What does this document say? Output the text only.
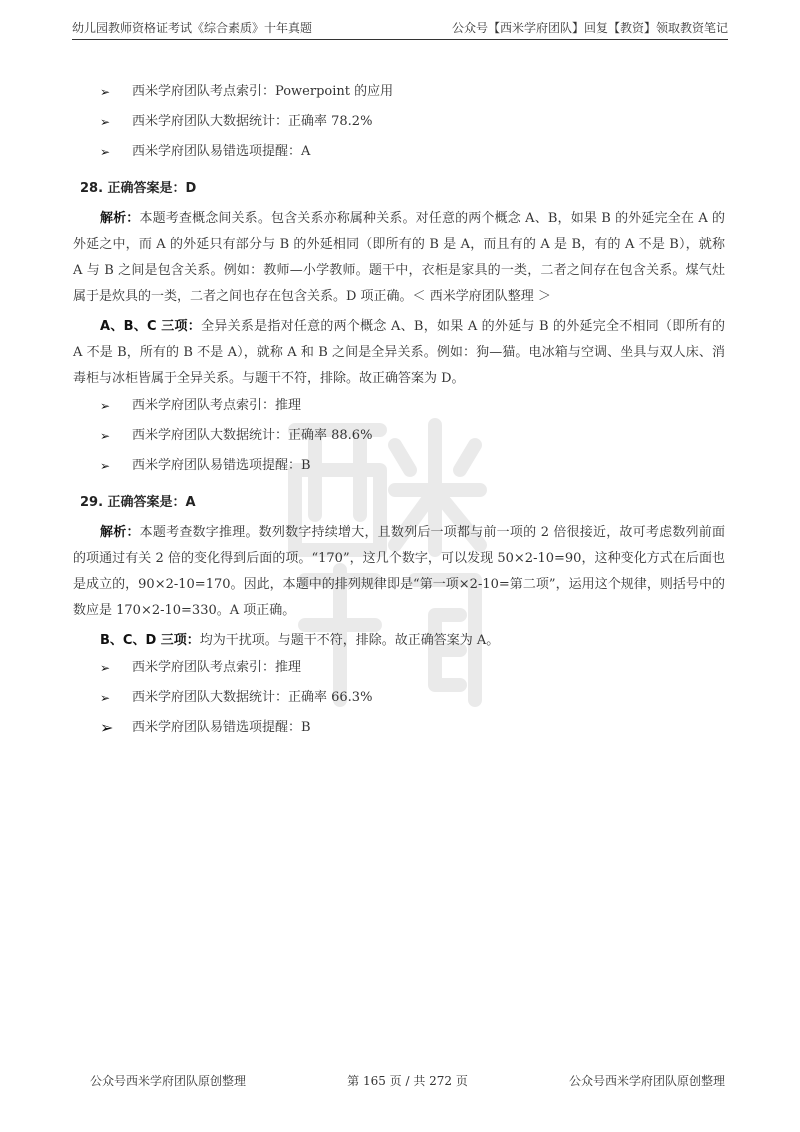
幼儿园教师资格证考试《综合素质》十年真题	公众号【西米学府团队】回复【教资】领取教资笔记
➢	西米学府团队考点索引：Powerpoint 的应用
➢	西米学府团队大数据统计：正确率 78.2%
➢	西米学府团队易错选项提醒：A
28. 正确答案是：D
解析：本题考查概念间关系。包含关系亦称属种关系。对任意的两个概念 A、B，如果 B 的外延完全在 A 的外延之中，而 A 的外延只有部分与 B 的外延相同（即所有的 B 是 A，而且有的 A 是 B，有的 A 不是 B），就称 A 与 B 之间是包含关系。例如：教师—小学教师。题干中，衣柜是家具的一类，二者之间存在包含关系。煤气灶属于是炊具的一类，二者之间也存在包含关系。D 项正确。＜ 西米学府团队整理 ＞
A、B、C 三项：全异关系是指对任意的两个概念 A、B，如果 A 的外延与 B 的外延完全不相同（即所有的 A 不是 B，所有的 B 不是 A），就称 A 和 B 之间是全异关系。例如：狗—猫。电冰箱与空调、坐具与双人床、消毒柜与冰柜皆属于全异关系。与题干不符，排除。故正确答案为 D。
➢	西米学府团队考点索引：推理
➢	西米学府团队大数据统计：正确率 88.6%
➢	西米学府团队易错选项提醒：B
29. 正确答案是：A
解析：本题考查数字推理。数列数字持续增大，且数列后一项都与前一项的 2 倍很接近，故可考虑数列前面的项通过有关 2 倍的变化得到后面的项。“170”，这几个数字，可以发现 50×2-10=90，这种变化方式在后面也是成立的，90×2-10=170。因此，本题中的排列规律即是“第一项×2-10=第二项”，运用这个规律，则括号中的数应是 170×2-10=330。A 项正确。
B、C、D 三项：均为干扰项。与题干不符，排除。故正确答案为 A。
➢	西米学府团队考点索引：推理
➢	西米学府团队大数据统计：正确率 66.3%
➢	西米学府团队易错选项提醒：B
公众号西米学府团队原创整理	第 165 页 / 共 272 页	公众号西米学府团队原创整理
